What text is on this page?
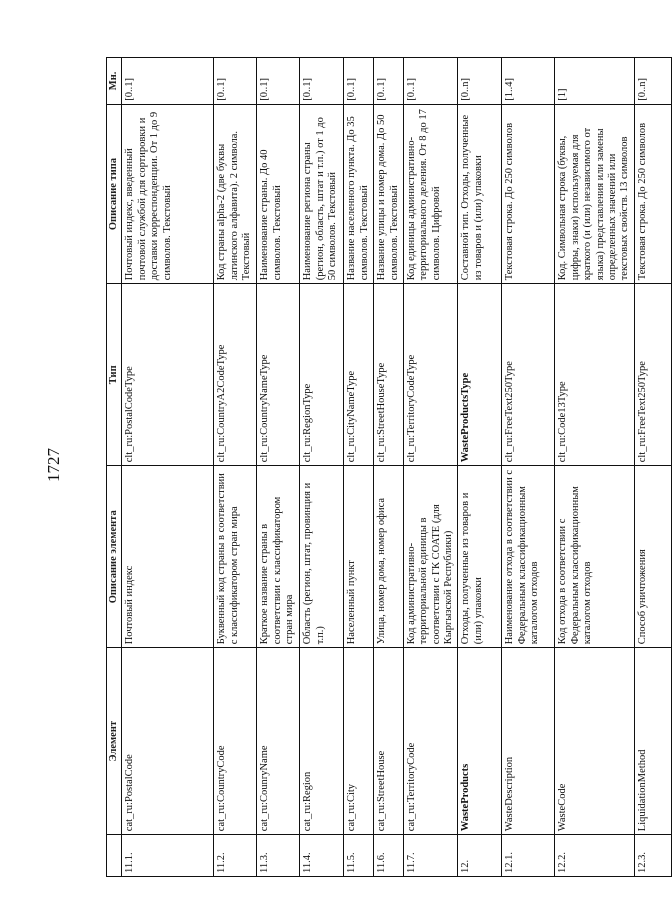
1727
	Элемент	Описание элемента	Тип	Описание типа	Мн.
11.1.	cat_ru:PostalCode	Почтовый индекс	clt_ru:PostalCodeType	Почтовый индекс, введенный почтовой службой для сортировки и доставки корреспонденции. От 1 до 9 символов. Текстовый	[0..1]
11.2.	cat_ru:CountryCode	Буквенный код страны в соответствии с классификатором стран мира	clt_ru:CountryA2CodeType	Код страны alpha-2 (две буквы латинского алфавита). 2 символа. Текстовый	[0..1]
11.3.	cat_ru:CounryName	Краткое название страны в соответствии с классификатором стран мира	clt_ru:CountryNameType	Наименование страны. До 40 символов. Текстовый	[0..1]
11.4.	cat_ru:Region	Область (регион, штат, провинция и т.п.)	clt_ru:RegionType	Наименование региона страны (регион, область, штат и т.п.) от 1 до 50 символов. Текстовый	[0..1]
11.5.	cat_ru:City	Населенный пункт	clt_ru:CityNameType	Название населенного пункта. До 35 символов. Текстовый	[0..1]
11.6.	cat_ru:StreetHouse	Улица, номер дома, номер офиса	clt_ru:StreetHouseType	Название улицы и номер дома. До 50 символов. Текстовый	[0..1]
11.7.	cat_ru:TerritoryCode	Код административно-территориальной единицы в соответствии с ГК СОАТЕ (для Кыргызской Республики)	clt_ru:TerritoryCodeType	Код единицы административно-территориального деления. От 8 до 17 символов. Цифровой	[0..1]
12.	WasteProducts	Отходы, полученные из товаров и (или) упаковки	WasteProductsType	Составной тип. Отходы, полученные из товаров и (или) упаковки	[0..n]
12.1.	WasteDescription	Наименование отхода в соответствии с Федеральным классификационным каталогом отходов	clt_ru:FreeText250Type	Текстовая строка. До 250 символов	[1..4]
12.2.	WasteCode	Код отхода в соответствии с Федеральным классификационным каталогом отходов	clt_ru:Code13Type	Код. Символьная строка (буквы, цифры, знаки) используемая для краткого (и (или) независимого от языка) представления или замены определенных значений или текстовых свойств. 13 символов	[1]
12.3.	LiquidationMethod	Способ уничтожения	clt_ru:FreeText250Type	Текстовая строка. До 250 символов	[0..n]
